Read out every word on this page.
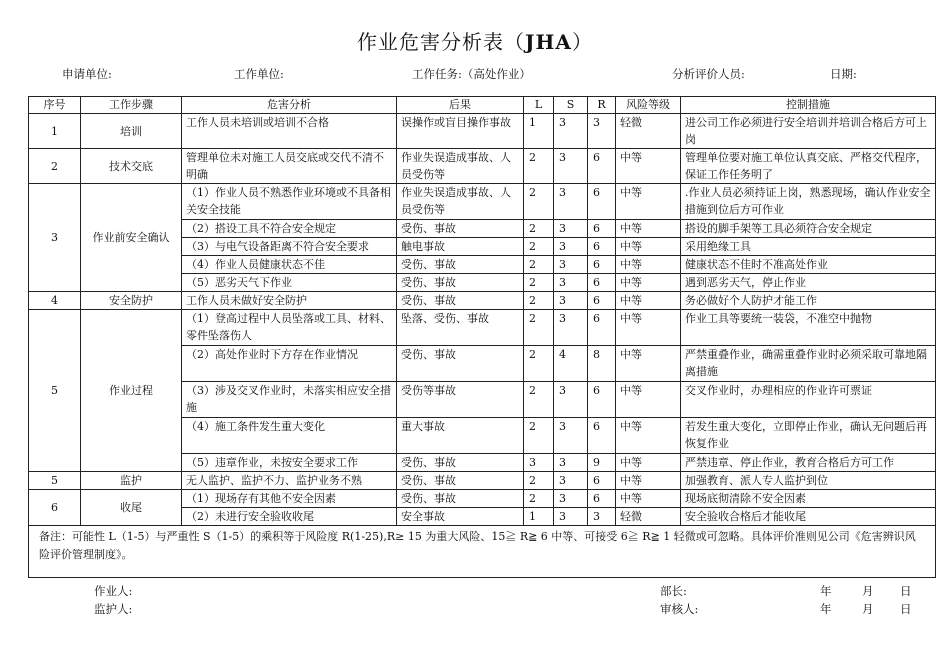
作业危害分析表（JHA）
申请单位:	工作单位:	工作任务:（高处作业）	分析评价人员:	日期:
序号	工作步骤	危害分析	后果	L	S	R	风险等级	控制措施
1	培训	工作人员未培训或培训不合格	误操作或盲目操作事故	1	3	3	轻微	进公司工作必须进行安全培训并培训合格后方可上岗
2	技术交底	管理单位未对施工人员交底或交代不清不明确	作业失误造成事故、人员受伤等	2	3	6	中等	管理单位要对施工单位认真交底、严格交代程序，保证工作任务明了
3	作业前安全确认	（1）作业人员不熟悉作业环境或不具备相关安全技能	作业失误造成事故、人员受伤等	2	3	6	中等	.作业人员必须持证上岗，熟悉现场，确认作业安全措施到位后方可作业
		（2）搭设工具不符合安全规定	受伤、事故	2	3	6	中等	搭设的脚手架等工具必须符合安全规定
		（3）与电气设备距离不符合安全要求	触电事故	2	3	6	中等	采用绝缘工具
		（4）作业人员健康状态不佳	受伤、事故	2	3	6	中等	健康状态不佳时不准高处作业
		（5）恶劣天气下作业	受伤、事故	2	3	6	中等	遇到恶劣天气，停止作业
4	安全防护	工作人员未做好安全防护	受伤、事故	2	3	6	中等	务必做好个人防护才能工作
5	作业过程	（1）登高过程中人员坠落或工具、材料、零件坠落伤人	坠落、受伤、事故	2	3	6	中等	作业工具等要统一装袋，不准空中抛物
		（2）高处作业时下方存在作业情况	受伤、事故	2	4	8	中等	严禁重叠作业，确需重叠作业时必须采取可靠地隔离措施
		（3）涉及交叉作业时，未落实相应安全措施	受伤等事故	2	3	6	中等	交叉作业时，办理相应的作业许可票证
		（4）施工条件发生重大变化	重大事故	2	3	6	中等	若发生重大变化，立即停止作业，确认无问题后再恢复作业
		（5）违章作业，未按安全要求工作	受伤、事故	3	3	9	中等	严禁违章、停止作业，教育合格后方可工作
5	监护	无人监护、监护不力、监护业务不熟	受伤、事故	2	3	6	中等	加强教育、派人专人监护到位
6	收尾	（1）现场存有其他不安全因素	受伤、事故	2	3	6	中等	现场底彻清除不安全因素
		（2）未进行安全验收收尾	安全事故	1	3	3	轻微	安全验收合格后才能收尾
备注：可能性 L（1-5）与严重性 S（1-5）的乘积等于风险度 R(1-25),R≥ 15 为重大风险、15≧ R≧ 6 中等、可接受 6≧ R≧ 1 轻微或可忽略。具体评价准则见公司《危害辨识风险评价管理制度》。								
作业人:
监护人:
部长:
审核人:
年	月 日
年	月 日
